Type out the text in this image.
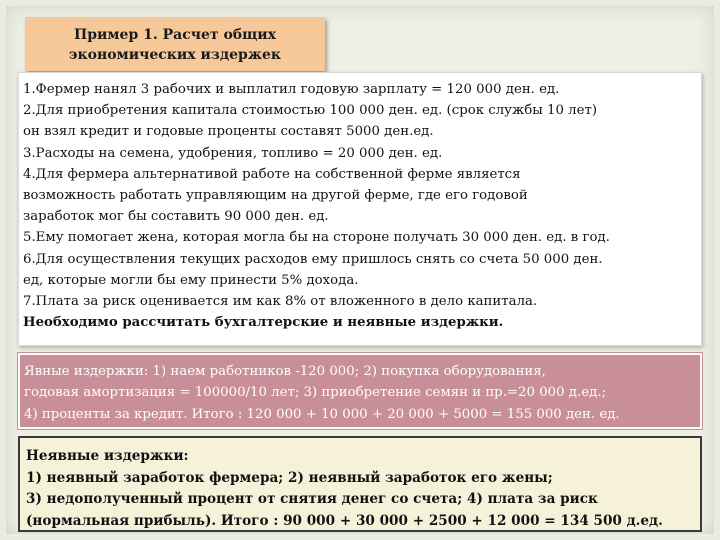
Пример 1. Расчет общих
экономических издержек
1.Фермер нанял 3 рабочих и выплатил годовую зарплату = 120 000 ден. ед.
2.Для приобретения капитала стоимостью 100 000 ден. ед. (срок службы 10 лет)
он взял кредит и годовые проценты составят 5000 ден.ед.
3.Расходы на семена, удобрения, топливо = 20 000 ден. ед.
4.Для фермера альтернативой работе на собственной ферме является
возможность работать управляющим на другой ферме, где его годовой
заработок мог бы составить 90 000 ден. ед.
5.Ему помогает жена, которая могла бы на стороне получать 30 000 ден. ед. в год.
6.Для осуществления текущих расходов ему пришлось снять со счета 50 000 ден.
ед, которые могли бы ему принести 5% дохода.
7.Плата за риск оценивается им как 8% от вложенного в дело капитала.
Необходимо рассчитать бухгалтерские и неявные издержки.
Явные издержки: 1) наем работников -120 000; 2) покупка оборудования,
годовая амортизация = 100000/10 лет; 3) приобретение семян и пр.=20 000 д.ед.;
4) проценты за кредит. Итого : 120 000 + 10 000 + 20 000 + 5000 = 155 000 ден. ед.
Неявные издержки:
1) неявный заработок фермера; 2) неявный заработок его жены;
3) недополученный процент от снятия денег со счета; 4) плата за риск
(нормальная прибыль). Итого : 90 000 + 30 000 + 2500 + 12 000 = 134 500 д.ед.
